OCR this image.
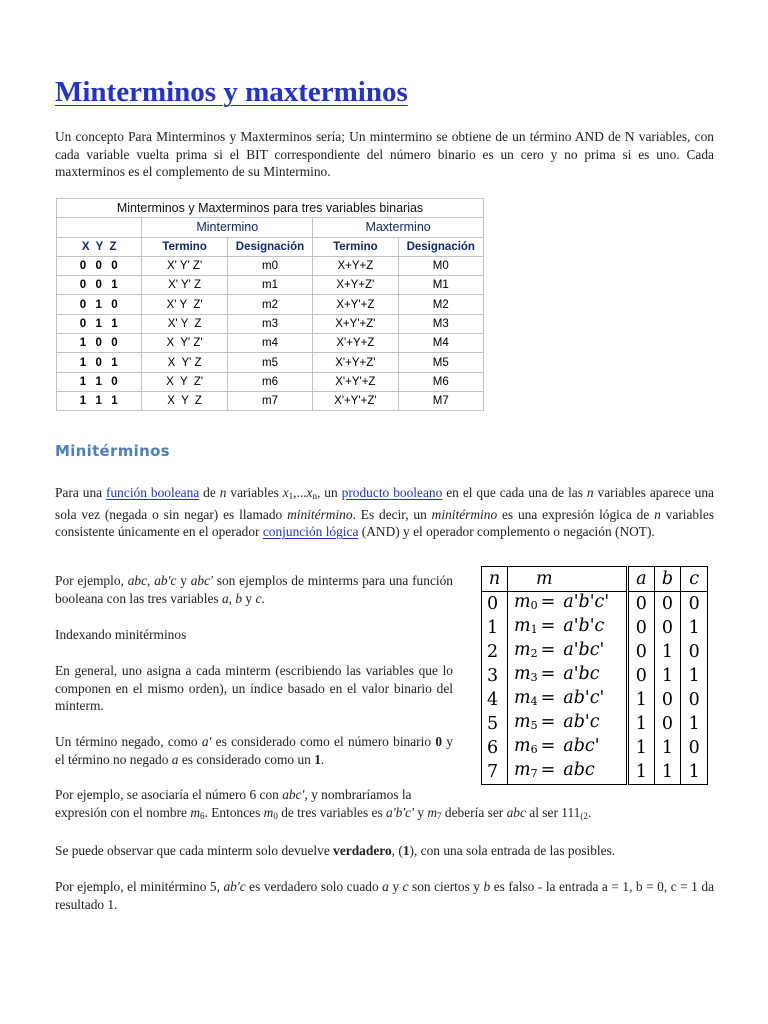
Minterminos y maxterminos

Un concepto Para Minterminos y Maxterminos sería; Un mintermino se obtiene de un término AND de N variables, con cada variable vuelta prima si el BIT correspondiente del número binario es un cero y no prima si es uno. Cada maxterminos es el complemento de su Mintermino.

Minterminos y Maxterminos para tres variables binarias				
	Mintermino		Maxtermino	
X  Y  Z	Termino	Designación	Termino	Designación
0  0  0	X' Y' Z'	m0	X+Y+Z	M0
0  0  1	X' Y' Z	m1	X+Y+Z'	M1
0  1  0	X' Y  Z'	m2	X+Y'+Z	M2
0  1  1	X' Y  Z	m3	X+Y'+Z'	M3
1  0  0	X  Y' Z'	m4	X'+Y+Z	M4
1  0  1	X  Y' Z	m5	X'+Y+Z'	M5
1  1  0	X  Y  Z'	m6	X'+Y'+Z	M6
1  1  1	X  Y  Z	m7	X'+Y'+Z'	M7
Minitérminos

Para una función booleana de n variables $x_1,...x_n$, un producto booleano en el que cada una de las n variables aparece una sola vez (negada o sin negar) es llamado minitérmino. Es decir, un minitérmino es una expresión lógica de n variables consistente únicamente en el operador conjunción lógica (AND) y el operador complemento o negación (NOT).

Por ejemplo, abc, ab'c y abc' son ejemplos de minterms para una función booleana con las tres variables a, b y c.

Indexando minitérminos

En general, uno asigna a cada minterm (escribiendo las variables que lo componen en el mismo orden), un índice basado en el valor binario del minterm.

Un término negado, como a' es considerado como el número binario 0 y el término no negado a es considerado como un 1.

Por ejemplo, se asociaría el número 6 con abc', y nombraríamos la
expresión con el nombre $m_6$. Entonces $m_0$ de tres variables es a'b'c' y $m_7$ debería ser abc al ser $111_{(2}$.

Se puede observar que cada minterm solo devuelve verdadero, (1), con una sola entrada de las posibles.

Por ejemplo, el minitérmino 5, ab'c es verdadero solo cuado a y c son ciertos y b es falso - la entrada a = 1, b = 0, c = 1 da resultado 1.

n	m	a	b	c
0	$m_0 = a'b'c'$	0	0	0
1	$m_1 = a'b'c$	0	0	1
2	$m_2 = a'bc'$	0	1	0
3	$m_3 = a'bc$	0	1	1
4	$m_4 = ab'c'$	1	0	0
5	$m_5 = ab'c$	1	0	1
6	$m_6 = abc'$	1	1	0
7	$m_7$ = abc	1	1	1
